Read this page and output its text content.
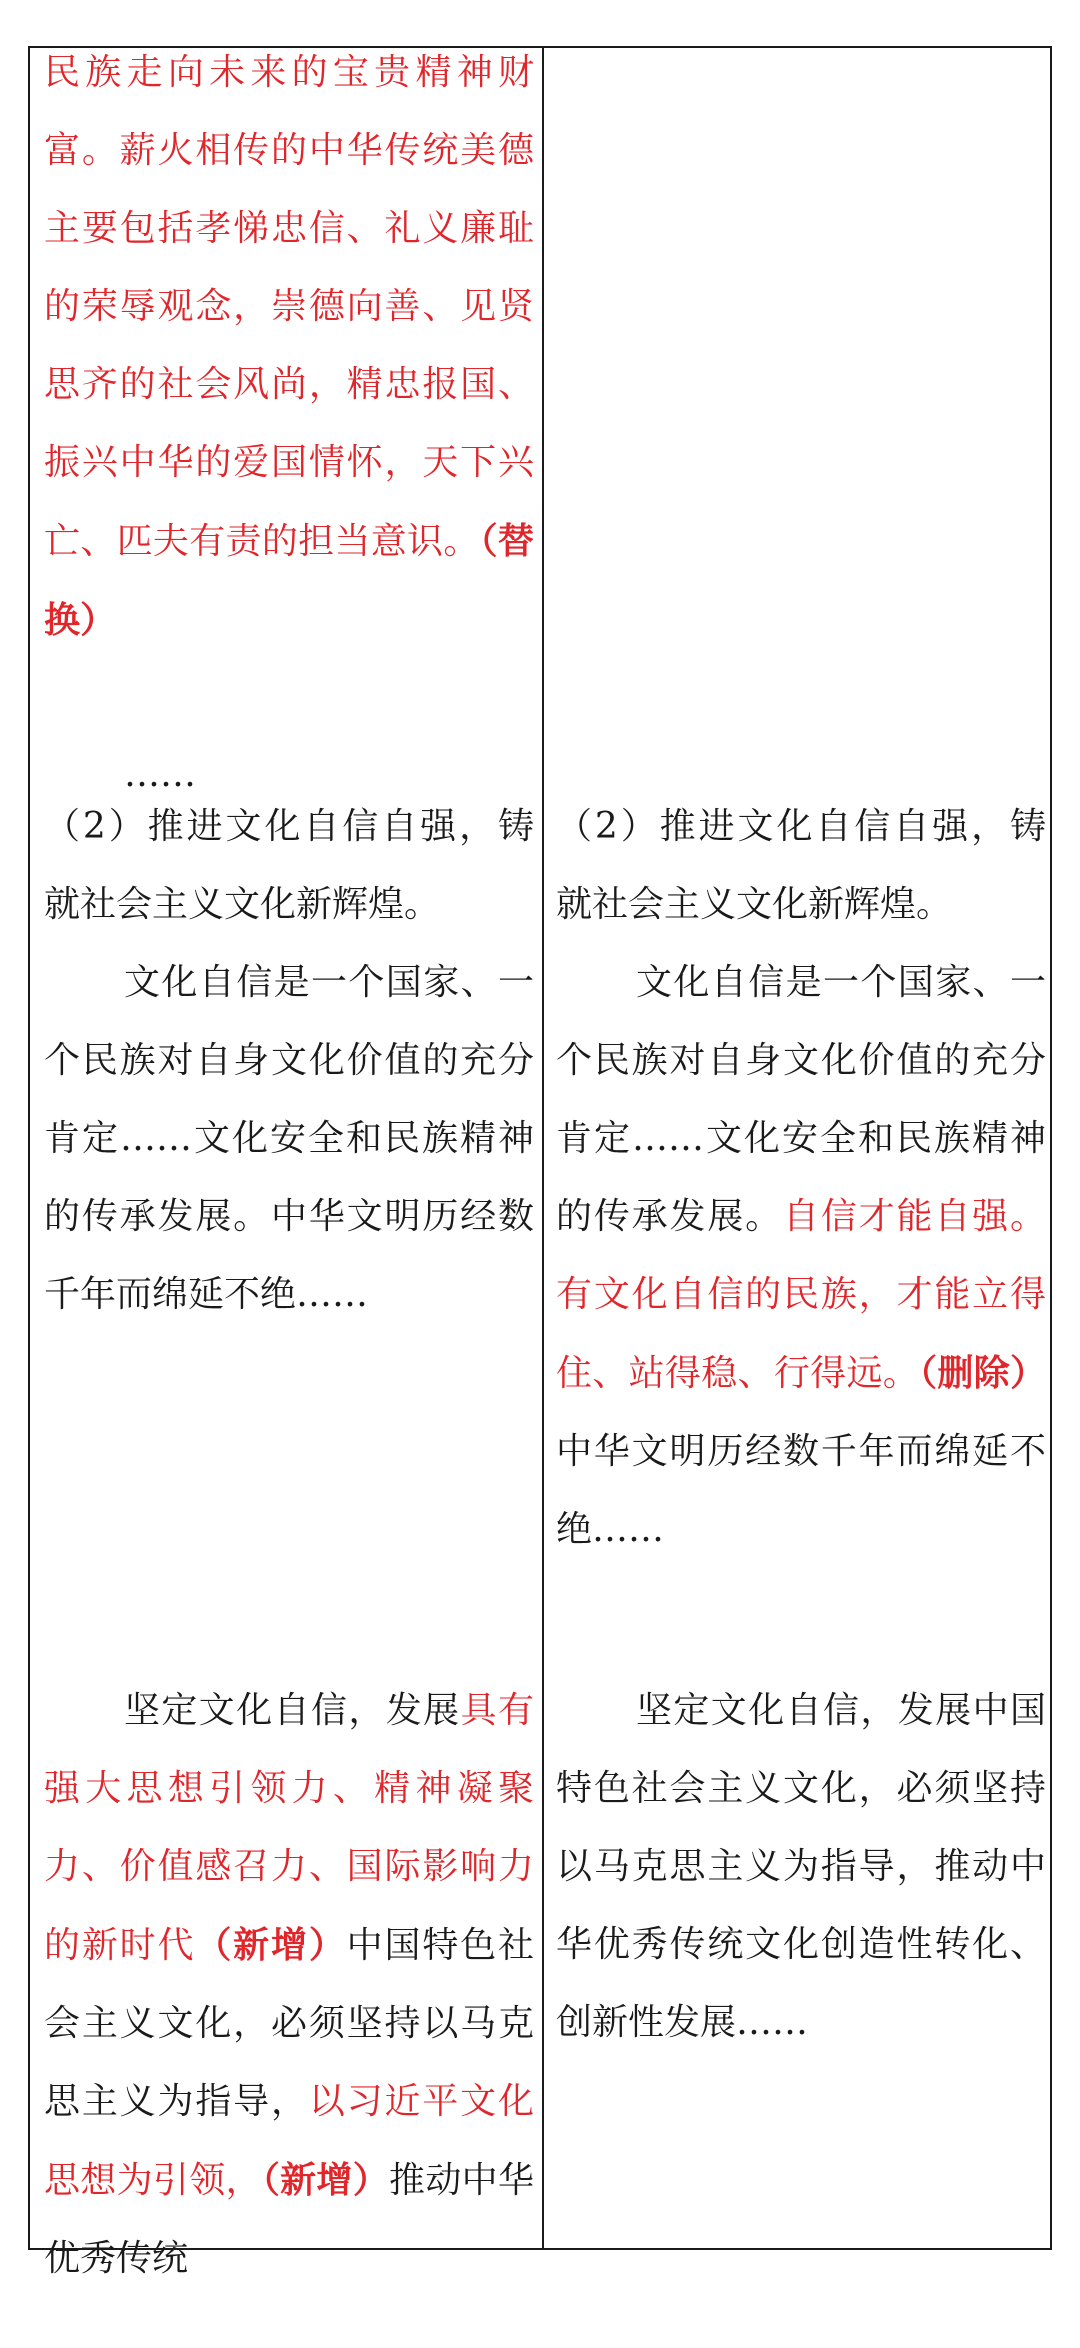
民族走向未来的宝贵精神财富。薪火相传的中华传统美德主要包括孝悌忠信、礼义廉耻的荣辱观念，崇德向善、见贤思齐的社会风尚，精忠报国、振兴中华的爱国情怀，天下兴亡、匹夫有责的担当意识。（替换）
……
（2）推进文化自信自强，铸就社会主义文化新辉煌。
文化自信是一个国家、一个民族对自身文化价值的充分肯定……文化安全和民族精神的传承发展。中华文明历经数千年而绵延不绝……
坚定文化自信，发展具有强大思想引领力、精神凝聚力、价值感召力、国际影响力的新时代（新增）中国特色社会主义文化，必须坚持以马克思主义为指导，以习近平文化思想为引领，（新增）推动中华优秀传统
（2）推进文化自信自强，铸就社会主义文化新辉煌。
文化自信是一个国家、一个民族对自身文化价值的充分肯定……文化安全和民族精神的传承发展。自信才能自强。有文化自信的民族，才能立得住、站得稳、行得远。（删除）中华文明历经数千年而绵延不绝……
坚定文化自信，发展中国特色社会主义文化，必须坚持以马克思主义为指导，推动中华优秀传统文化创造性转化、创新性发展……
